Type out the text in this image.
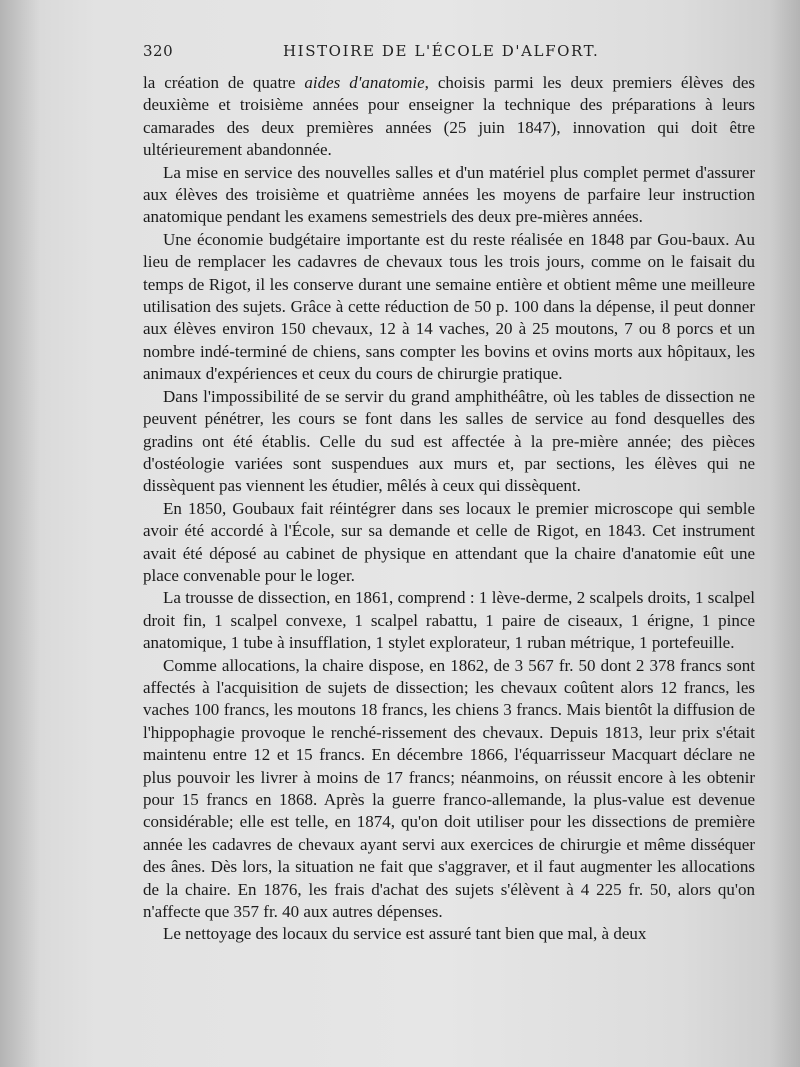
320	HISTOIRE DE L'ÉCOLE D'ALFORT.

la création de quatre aides d'anatomie, choisis parmi les deux premiers élèves des deuxième et troisième années pour enseigner la technique des préparations à leurs camarades des deux premières années (25 juin 1847), innovation qui doit être ultérieurement abandonnée.

La mise en service des nouvelles salles et d'un matériel plus complet permet d'assurer aux élèves des troisième et quatrième années les moyens de parfaire leur instruction anatomique pendant les examens semestriels des deux pre-mières années.

Une économie budgétaire importante est du reste réalisée en 1848 par Gou-baux. Au lieu de remplacer les cadavres de chevaux tous les trois jours, comme on le faisait du temps de Rigot, il les conserve durant une semaine entière et obtient même une meilleure utilisation des sujets. Grâce à cette réduction de 50 p. 100 dans la dépense, il peut donner aux élèves environ 150 chevaux, 12 à 14 vaches, 20 à 25 moutons, 7 ou 8 porcs et un nombre indé-terminé de chiens, sans compter les bovins et ovins morts aux hôpitaux, les animaux d'expériences et ceux du cours de chirurgie pratique.

Dans l'impossibilité de se servir du grand amphithéâtre, où les tables de dissection ne peuvent pénétrer, les cours se font dans les salles de service au fond desquelles des gradins ont été établis. Celle du sud est affectée à la pre-mière année; des pièces d'ostéologie variées sont suspendues aux murs et, par sections, les élèves qui ne dissèquent pas viennent les étudier, mêlés à ceux qui dissèquent.

En 1850, Goubaux fait réintégrer dans ses locaux le premier microscope qui semble avoir été accordé à l'École, sur sa demande et celle de Rigot, en 1843. Cet instrument avait été déposé au cabinet de physique en attendant que la chaire d'anatomie eût une place convenable pour le loger.

La trousse de dissection, en 1861, comprend : 1 lève-derme, 2 scalpels droits, 1 scalpel droit fin, 1 scalpel convexe, 1 scalpel rabattu, 1 paire de ciseaux, 1 érigne, 1 pince anatomique, 1 tube à insufflation, 1 stylet explorateur, 1 ruban métrique, 1 portefeuille.

Comme allocations, la chaire dispose, en 1862, de 3 567 fr. 50 dont 2 378 francs sont affectés à l'acquisition de sujets de dissection; les chevaux coûtent alors 12 francs, les vaches 100 francs, les moutons 18 francs, les chiens 3 francs. Mais bientôt la diffusion de l'hippophagie provoque le renché-rissement des chevaux. Depuis 1813, leur prix s'était maintenu entre 12 et 15 francs. En décembre 1866, l'équarrisseur Macquart déclare ne plus pouvoir les livrer à moins de 17 francs; néanmoins, on réussit encore à les obtenir pour 15 francs en 1868. Après la guerre franco-allemande, la plus-value est devenue considérable; elle est telle, en 1874, qu'on doit utiliser pour les dissections de première année les cadavres de chevaux ayant servi aux exercices de chirurgie et même disséquer des ânes. Dès lors, la situation ne fait que s'aggraver, et il faut augmenter les allocations de la chaire. En 1876, les frais d'achat des sujets s'élèvent à 4 225 fr. 50, alors qu'on n'affecte que 357 fr. 40 aux autres dépenses.

Le nettoyage des locaux du service est assuré tant bien que mal, à deux
